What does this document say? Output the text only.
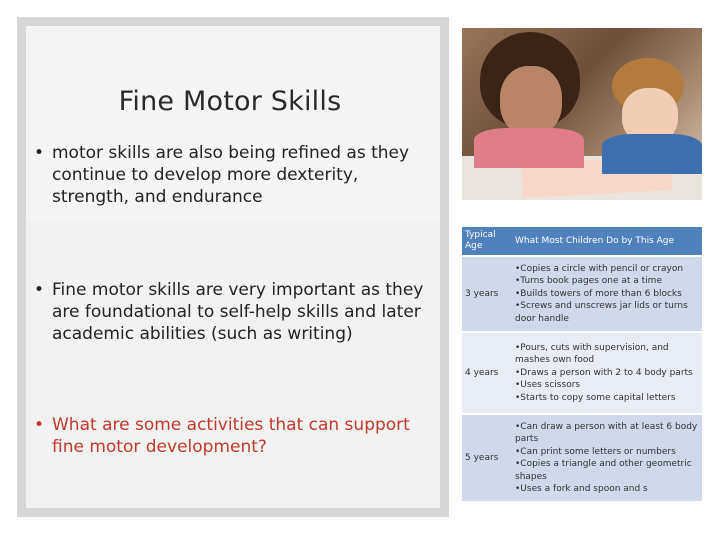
Fine Motor Skills
• motor skills are also being refined as they continue to develop more dexterity, strength, and endurance
• Fine motor skills are very important as they are foundational to self-help skills and later academic abilities (such as writing)
• What are some activities that can support fine motor development?
Typical Age	What Most Children Do by This Age
3 years	•Copies a circle with pencil or crayon
•Turns book pages one at a time
•Builds towers of more than 6 blocks
•Screws and unscrews jar lids or turns door handle

4 years	•Pours, cuts with supervision, and mashes own food
•Draws a person with 2 to 4 body parts
•Uses scissors
•Starts to copy some capital letters

5 years	•Can draw a person with at least 6 body parts
•Can print some letters or numbers
•Copies a triangle and other geometric shapes
•Uses a fork and spoon and s
